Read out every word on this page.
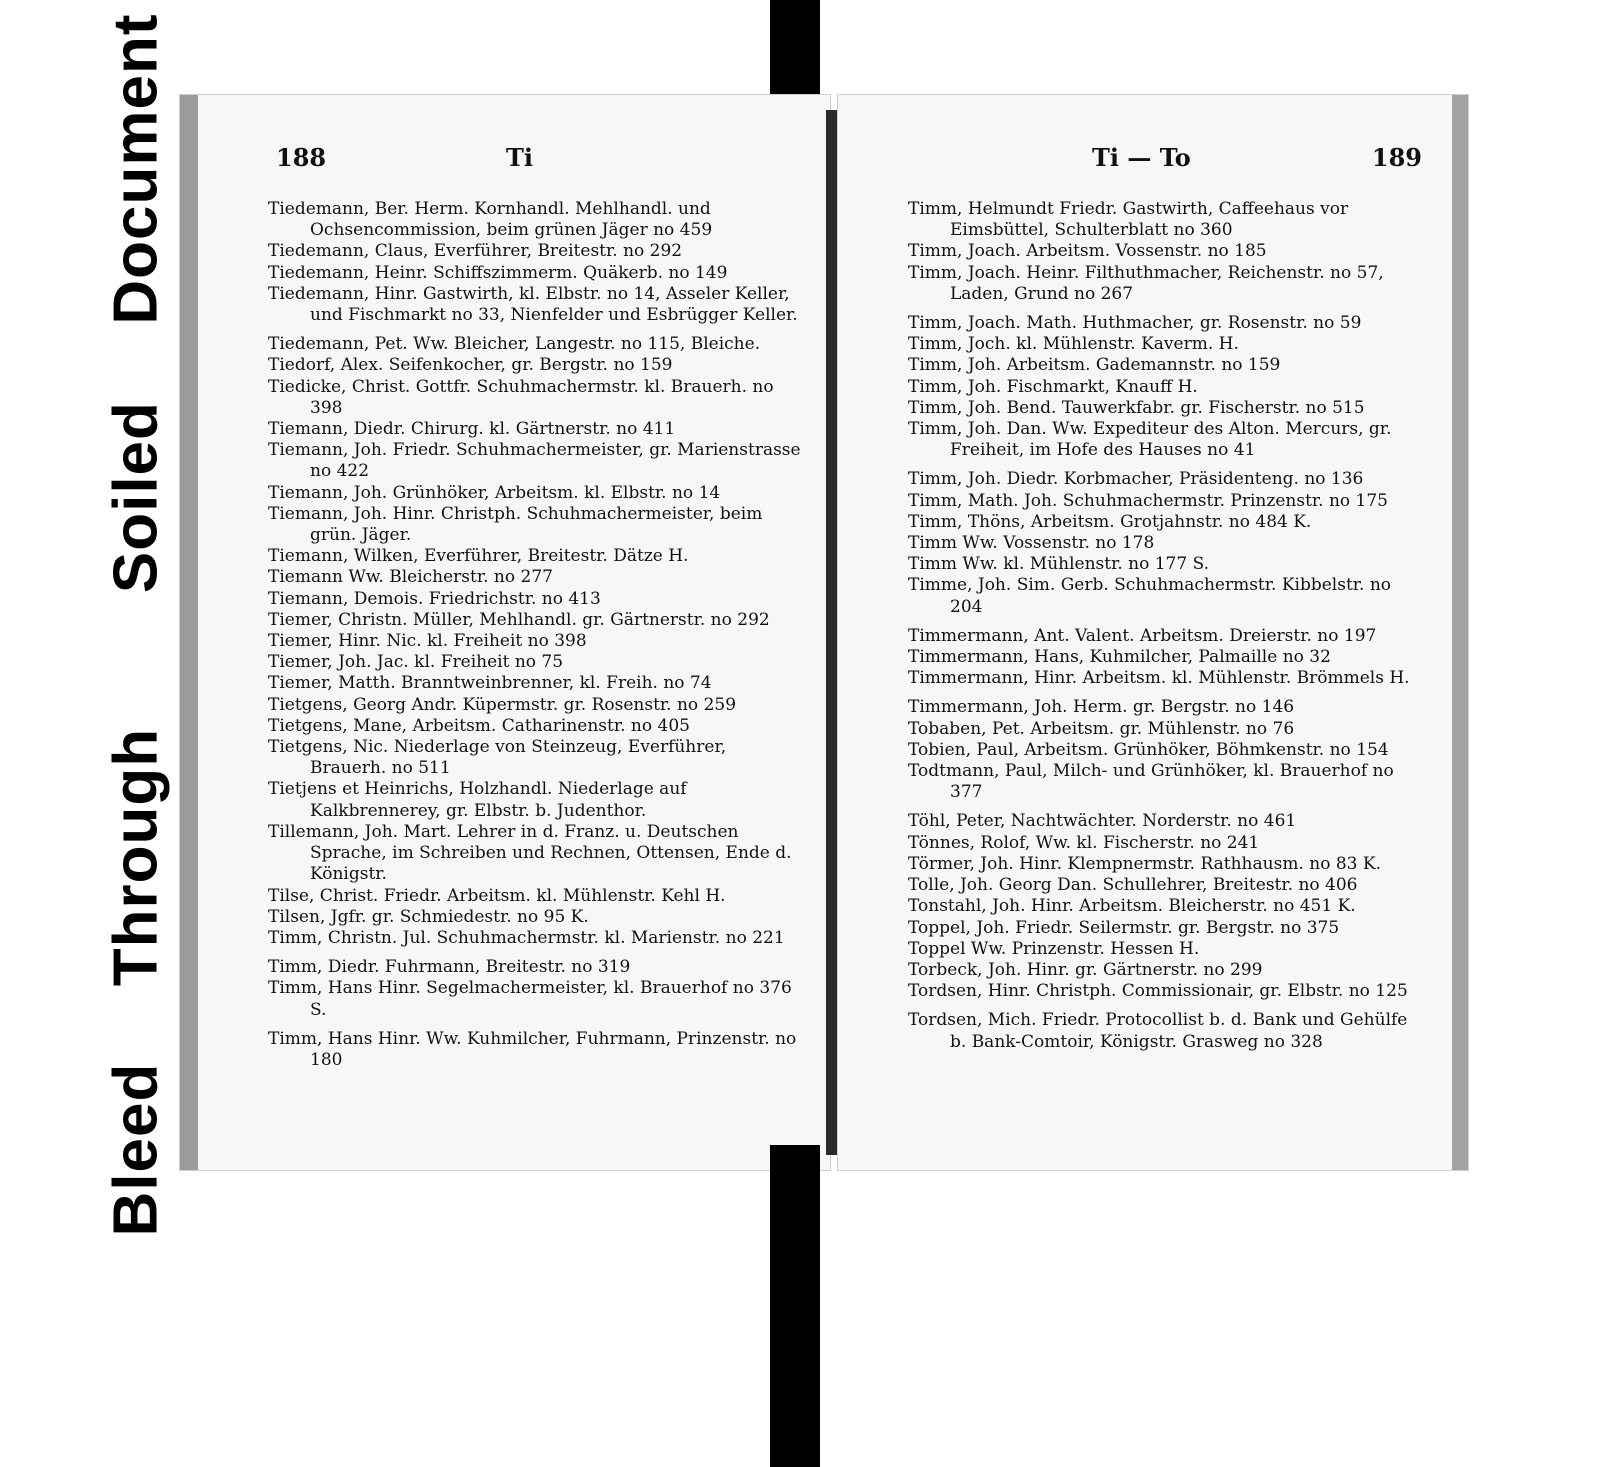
Bleed  Through   Soiled  Document	188	Ti

Tiedemann, Ber. Herm. Kornhandl. Mehlhandl. und Ochsencommission, beim grünen Jäger no 459

Tiedemann, Claus, Everführer, Breitestr. no 292

Tiedemann, Heinr. Schiffszimmerm. Quäkerb. no 149

Tiedemann, Hinr. Gastwirth, kl. Elbstr. no 14, Asseler Keller, und Fischmarkt no 33, Nienfelder und Esbrügger Keller.

Tiedemann, Pet. Ww. Bleicher, Langestr. no 115, Bleiche.

Tiedorf, Alex. Seifenkocher, gr. Bergstr. no 159

Tiedicke, Christ. Gottfr. Schuhmachermstr. kl. Brauerh. no 398

Tiemann, Diedr. Chirurg. kl. Gärtnerstr. no 411

Tiemann, Joh. Friedr. Schuhmachermeister, gr. Marienstrasse no 422

Tiemann, Joh. Grünhöker, Arbeitsm. kl. Elbstr. no 14

Tiemann, Joh. Hinr. Christph. Schuhmachermeister, beim grün. Jäger.

Tiemann, Wilken, Everführer, Breitestr. Dätze H.

Tiemann Ww. Bleicherstr. no 277

Tiemann, Demois. Friedrichstr. no 413

Tiemer, Christn. Müller, Mehlhandl. gr. Gärtnerstr. no 292

Tiemer, Hinr. Nic. kl. Freiheit no 398

Tiemer, Joh. Jac. kl. Freiheit no 75

Tiemer, Matth. Branntweinbrenner, kl. Freih. no 74

Tietgens, Georg Andr. Küpermstr. gr. Rosenstr. no 259

Tietgens, Mane, Arbeitsm. Catharinenstr. no 405

Tietgens, Nic. Niederlage von Steinzeug, Everführer, Brauerh. no 511

Tietjens et Heinrichs, Holzhandl. Niederlage auf Kalkbrennerey, gr. Elbstr. b. Judenthor.

Tillemann, Joh. Mart. Lehrer in d. Franz. u. Deutschen Sprache, im Schreiben und Rechnen, Ottensen, Ende d. Königstr.

Tilse, Christ. Friedr. Arbeitsm. kl. Mühlenstr. Kehl H.

Tilsen, Jgfr. gr. Schmiedestr. no 95 K.

Timm, Christn. Jul. Schuhmachermstr. kl. Marienstr. no 221

Timm, Diedr. Fuhrmann, Breitestr. no 319

Timm, Hans Hinr. Segelmachermeister, kl. Brauerhof no 376 S.

Timm, Hans Hinr. Ww. Kuhmilcher, Fuhrmann, Prinzenstr. no 180

Ti — To	189

Timm, Helmundt Friedr. Gastwirth, Caffeehaus vor Eimsbüttel, Schulterblatt no 360

Timm, Joach. Arbeitsm. Vossenstr. no 185

Timm, Joach. Heinr. Filthuthmacher, Reichenstr. no 57, Laden, Grund no 267

Timm, Joach. Math. Huthmacher, gr. Rosenstr. no 59

Timm, Joch. kl. Mühlenstr. Kaverm. H.

Timm, Joh. Arbeitsm. Gademannstr. no 159

Timm, Joh. Fischmarkt, Knauff H.

Timm, Joh. Bend. Tauwerkfabr. gr. Fischerstr. no 515

Timm, Joh. Dan. Ww. Expediteur des Alton. Mercurs, gr. Freiheit, im Hofe des Hauses no 41

Timm, Joh. Diedr. Korbmacher, Präsidenteng. no 136

Timm, Math. Joh. Schuhmachermstr. Prinzenstr. no 175

Timm, Thöns, Arbeitsm. Grotjahnstr. no 484 K.

Timm Ww. Vossenstr. no 178

Timm Ww. kl. Mühlenstr. no 177 S.

Timme, Joh. Sim. Gerb. Schuhmachermstr. Kibbelstr. no 204

Timmermann, Ant. Valent. Arbeitsm. Dreierstr. no 197

Timmermann, Hans, Kuhmilcher, Palmaille no 32

Timmermann, Hinr. Arbeitsm. kl. Mühlenstr. Brömmels H.

Timmermann, Joh. Herm. gr. Bergstr. no 146

Tobaben, Pet. Arbeitsm. gr. Mühlenstr. no 76

Tobien, Paul, Arbeitsm. Grünhöker, Böhmkenstr. no 154

Todtmann, Paul, Milch- und Grünhöker, kl. Brauerhof no 377

Töhl, Peter, Nachtwächter. Norderstr. no 461

Tönnes, Rolof, Ww. kl. Fischerstr. no 241

Törmer, Joh. Hinr. Klempnermstr. Rathhausm. no 83 K.

Tolle, Joh. Georg Dan. Schullehrer, Breitestr. no 406

Tonstahl, Joh. Hinr. Arbeitsm. Bleicherstr. no 451 K.

Toppel, Joh. Friedr. Seilermstr. gr. Bergstr. no 375

Toppel Ww. Prinzenstr. Hessen H.

Torbeck, Joh. Hinr. gr. Gärtnerstr. no 299

Tordsen, Hinr. Christph. Commissionair, gr. Elbstr. no 125

Tordsen, Mich. Friedr. Protocollist b. d. Bank und Gehülfe b. Bank-Comtoir, Königstr. Grasweg no 328
